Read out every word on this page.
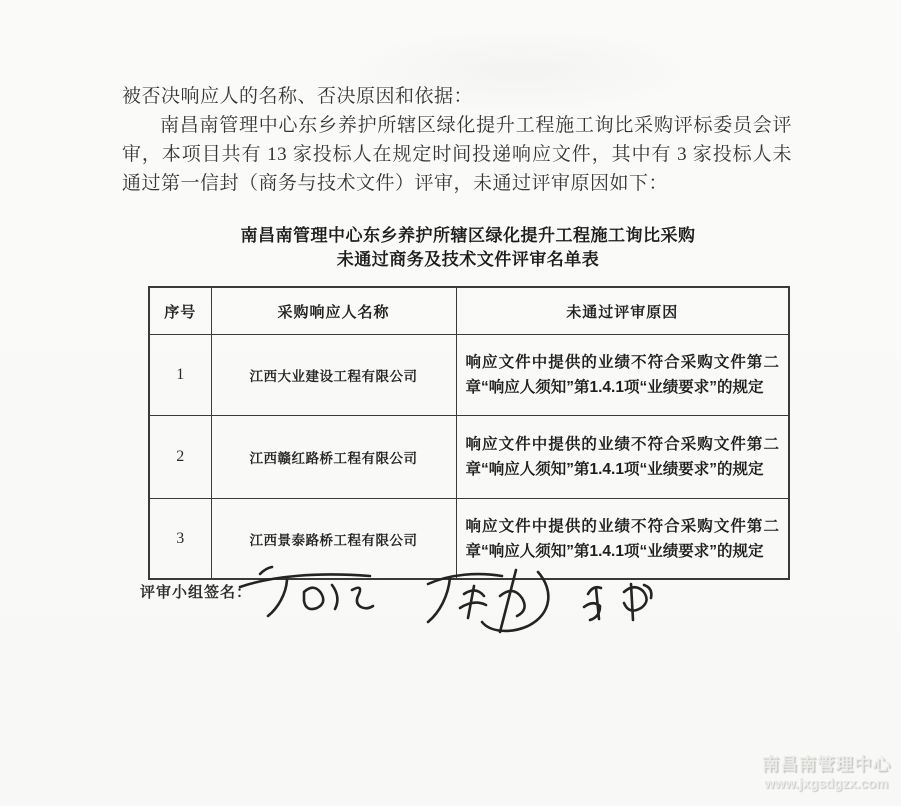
被否决响应人的名称、否决原因和依据：

南昌南管理中心东乡养护所辖区绿化提升工程施工询比采购评标委员会评审，本项目共有 13 家投标人在规定时间投递响应文件，其中有 3 家投标人未通过第一信封（商务与技术文件）评审，未通过评审原因如下：

南昌南管理中心东乡养护所辖区绿化提升工程施工询比采购
未通过商务及技术文件评审名单表
序号	采购响应人名称	未通过评审原因
1	江西大业建设工程有限公司	响应文件中提供的业绩不符合采购文件第二章“响应人须知”第1.4.1项“业绩要求”的规定
2	江西赣红路桥工程有限公司	响应文件中提供的业绩不符合采购文件第二章“响应人须知”第1.4.1项“业绩要求”的规定
3	江西景泰路桥工程有限公司	响应文件中提供的业绩不符合采购文件第二章“响应人须知”第1.4.1项“业绩要求”的规定
评审小组签名：
南昌南管理中心
www.jxgsdgzx.com
